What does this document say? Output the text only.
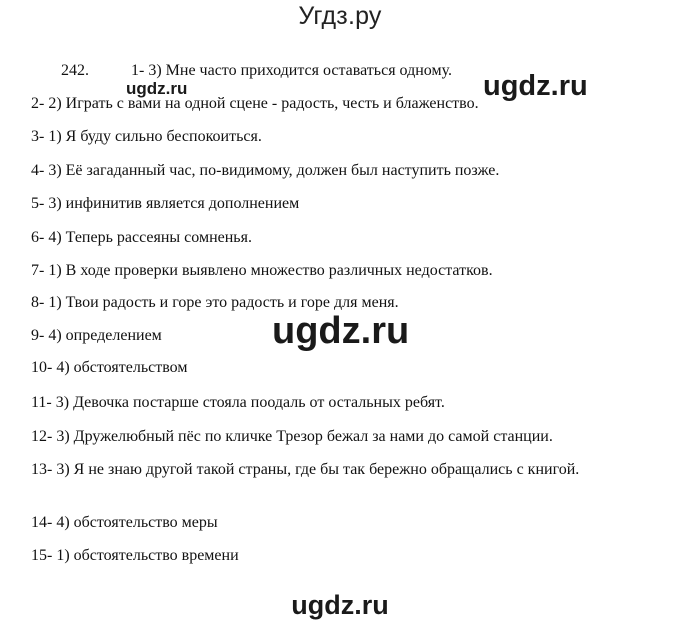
Угдз.ру
242.	1- 3) Мне часто приходится оставаться одному.
2- 2) Играть с вами на одной сцене - радость, честь и блаженство.
3- 1) Я буду сильно беспокоиться.
4- 3) Её загаданный час, по-видимому, должен был наступить позже.
5- 3) инфинитив является дополнением
6- 4) Теперь рассеяны сомненья.
7- 1) В ходе проверки выявлено множество различных недостатков.
8- 1) Твои радость и горе это радость и горе для меня.
9- 4) определением
10- 4) обстоятельством
11- 3) Девочка постарше стояла поодаль от остальных ребят.
12- 3) Дружелюбный пёс по кличке Трезор бежал за нами до самой станции.
13- 3) Я не знаю другой такой страны, где бы так бережно обращались с книгой.
14- 4) обстоятельство меры
15- 1) обстоятельство времени
ugdz.ru	ugdz.ru
ugdz.ru
ugdz.ru
